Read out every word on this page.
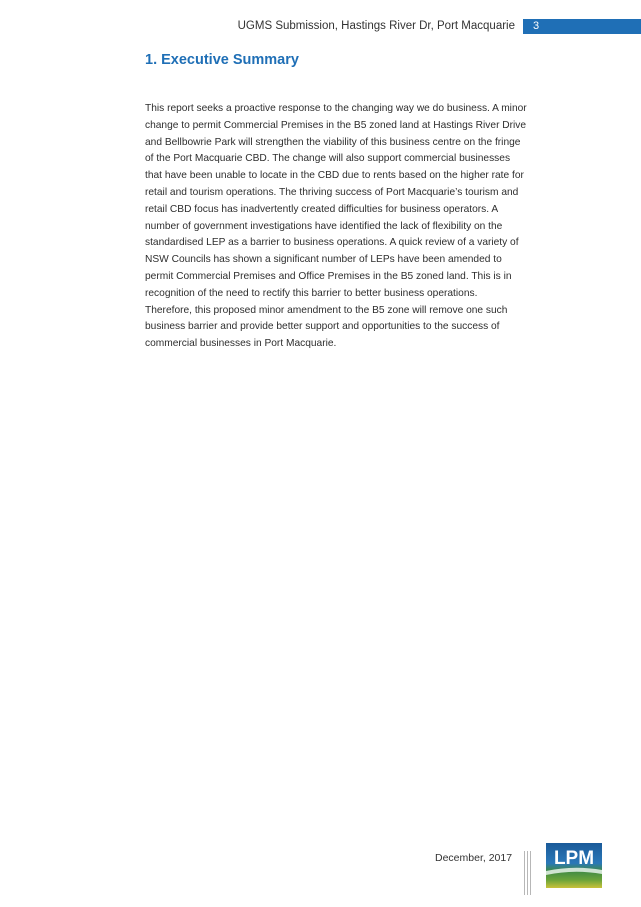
UGMS Submission, Hastings River Dr, Port Macquarie	3
1. Executive Summary
This report seeks a proactive response to the changing way we do business. A minor change to permit Commercial Premises in the B5 zoned land at Hastings River Drive and Bellbowrie Park will strengthen the viability of this business centre on the fringe of the Port Macquarie CBD. The change will also support commercial businesses that have been unable to locate in the CBD due to rents based on the higher rate for retail and tourism operations. The thriving success of Port Macquarie’s tourism and retail CBD focus has inadvertently created difficulties for business operators. A number of government investigations have identified the lack of flexibility on the standardised LEP as a barrier to business operations. A quick review of a variety of NSW Councils has shown a significant number of LEPs have been amended to permit Commercial Premises and Office Premises in the B5 zoned land. This is in recognition of the need to rectify this barrier to better business operations. Therefore, this proposed minor amendment to the B5 zone will remove one such business barrier and provide better support and opportunities to the success of commercial businesses in Port Macquarie.
December, 2017 LPM
